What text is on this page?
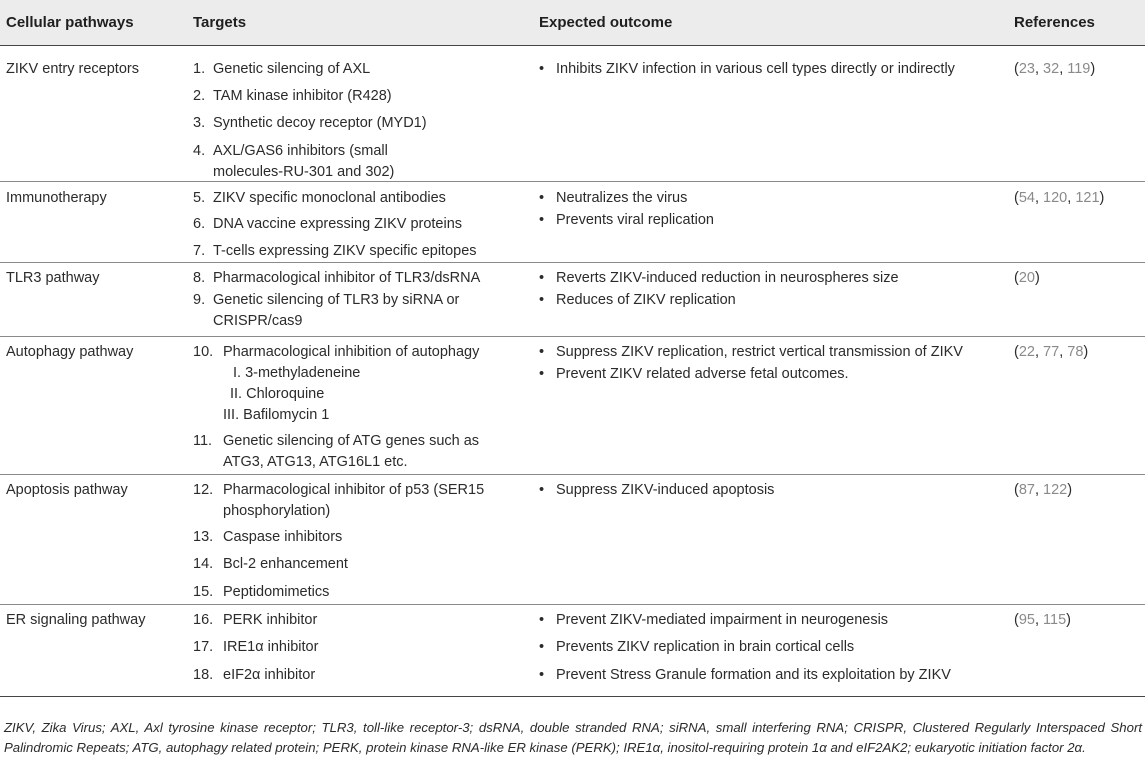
Cellular pathways	Targets	Expected outcome	References
ZIKV entry receptors	1. Genetic silencing of AXL
2. TAM kinase inhibitor (R428)
3. Synthetic decoy receptor (MYD1)
4. AXL/GAS6 inhibitors (small
molecules-RU-301 and 302)
• Inhibits ZIKV infection in various cell types directly or indirectly	(23, 32, 119)
Immunotherapy	5. ZIKV specific monoclonal antibodies
6. DNA vaccine expressing ZIKV proteins
7. T-cells expressing ZIKV specific epitopes
• Neutralizes the virus
• Prevents viral replication
(54, 120, 121)
TLR3 pathway	8. Pharmacological inhibitor of TLR3/dsRNA
9. Genetic silencing of TLR3 by siRNA or
CRISPR/cas9
• Reverts ZIKV-induced reduction in neurospheres size
• Reduces of ZIKV replication
(20)
Autophagy pathway	10. Pharmacological inhibition of autophagy
I. 3-methyladeneine
II. Chloroquine
III. Bafilomycin 1
11. Genetic silencing of ATG genes such as
ATG3, ATG13, ATG16L1 etc.
• Suppress ZIKV replication, restrict vertical transmission of ZIKV
• Prevent ZIKV related adverse fetal outcomes.
(22, 77, 78)
Apoptosis pathway	12. Pharmacological inhibitor of p53 (SER15
phosphorylation)
13. Caspase inhibitors
14. Bcl-2 enhancement
15. Peptidomimetics
• Suppress ZIKV-induced apoptosis	(87, 122)
ER signaling pathway	16. PERK inhibitor
17. IRE1α inhibitor
18. eIF2α inhibitor
• Prevent ZIKV-mediated impairment in neurogenesis
• Prevents ZIKV replication in brain cortical cells
• Prevent Stress Granule formation and its exploitation by ZIKV
(95, 115)

ZIKV, Zika Virus; AXL, Axl tyrosine kinase receptor; TLR3, toll-like receptor-3; dsRNA, double stranded RNA; siRNA, small interfering RNA; CRISPR, Clustered Regularly Interspaced Short Palindromic Repeats; ATG, autophagy related protein; PERK, protein kinase RNA-like ER kinase (PERK); IRE1α, inositol-requiring protein 1α and eIF2AK2; eukaryotic initiation factor 2α.
